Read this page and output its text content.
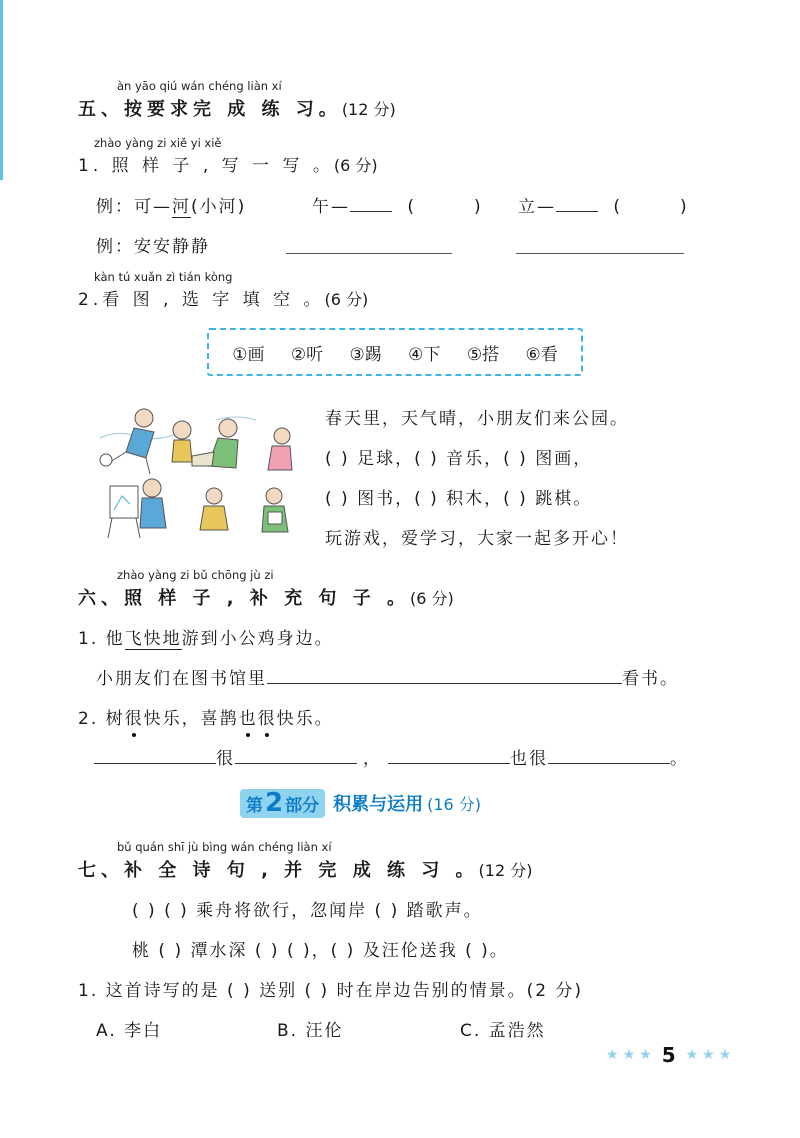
àn yāo qiú wán chéng liàn xí
五、按要求完 成 练 习。(12 分)
zhào yàng zi xiě yi xiě
1. 照 样 子 , 写 一 写 。(6 分)
例：可—河(小河)	午—	(	) 立—	(	)
例：安安静静
kàn tú xuǎn zì tián kòng
2.看 图 , 选 字 填 空 。(6 分)
①画 ②听 ③踢 ④下 ⑤搭 ⑥看
春天里，天气晴，小朋友们来公园。
( ) 足球，( ) 音乐，( ) 图画，
( ) 图书，( ) 积木，( ) 跳棋。
玩游戏，爱学习，大家一起多开心！
zhào yàng zi bǔ chōng jù zi
六、照 样 子 , 补 充 句 子 。(6 分)
1. 他飞快地游到小公鸡身边。
小朋友们在图书馆里	看书。
2. 树很快乐，喜鹊也很快乐。
很	，	也很	。
第 2 部分 积累与运用 (16 分)
bǔ quán shī jù bìng wán chéng liàn xí
七、补 全 诗 句 , 并 完 成 练 习 。(12 分)
( ) ( ) 乘舟将欲行，忽闻岸 ( ) 踏歌声。
桃 ( ) 潭水深 ( ) ( )，( ) 及汪伦送我 ( )。
1. 这首诗写的是 ( ) 送别 ( ) 时在岸边告别的情景。(2 分)
A. 李白	B. 汪伦	C. 孟浩然
★ ★ ★ 5 ★ ★ ★
